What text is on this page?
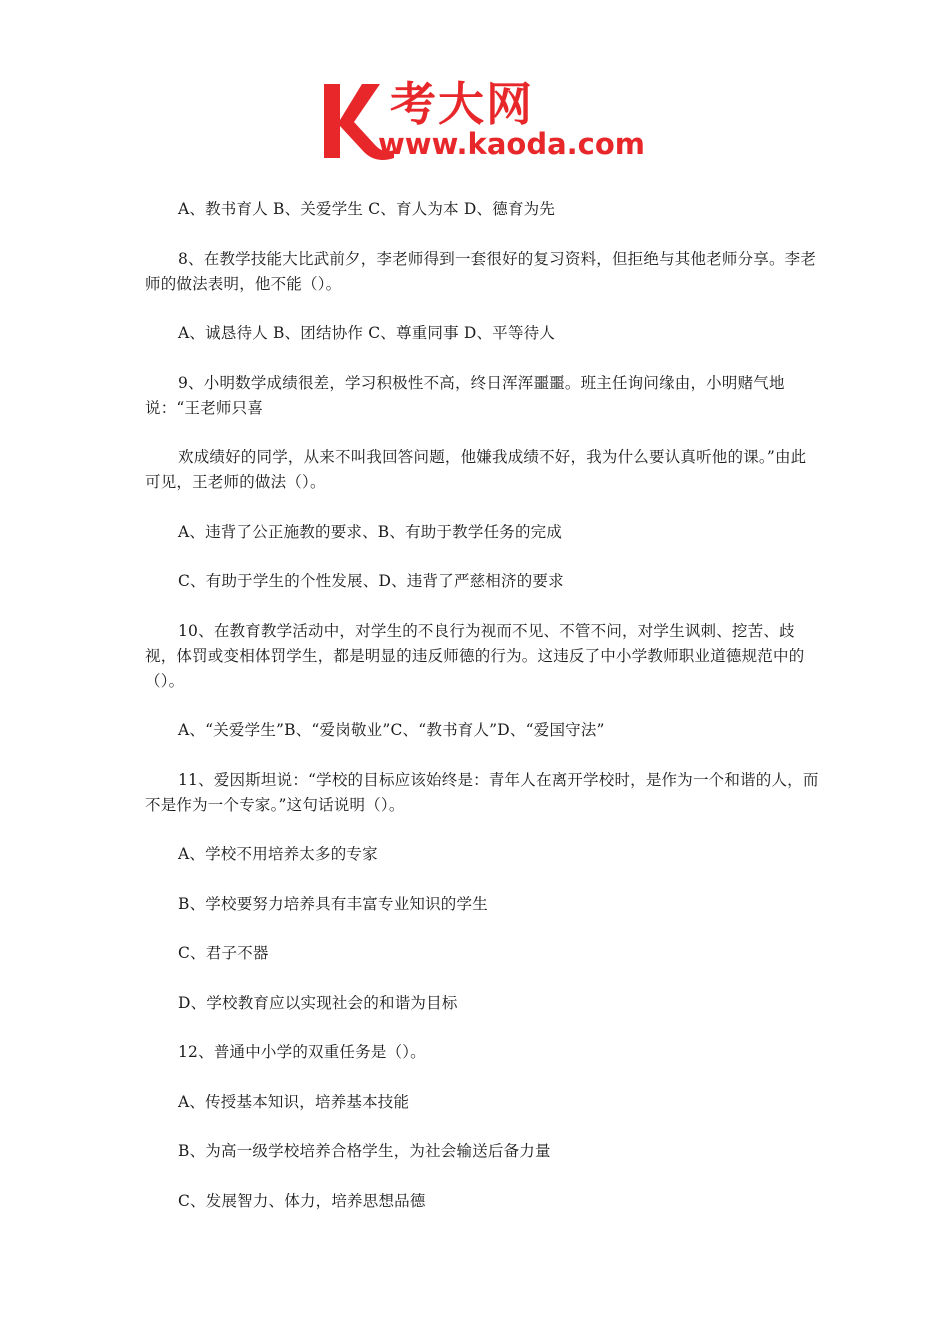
考大网
www.kaoda.com

A、教书育人 B、关爱学生 C、育人为本 D、德育为先

8、在教学技能大比武前夕，李老师得到一套很好的复习资料，但拒绝与其他老师分享。李老师的做法表明，他不能（）。

A、诚恳待人 B、团结协作 C、尊重同事 D、平等待人

9、小明数学成绩很差，学习积极性不高，终日浑浑噩噩。班主任询问缘由，小明赌气地说：“王老师只喜

欢成绩好的同学，从来不叫我回答问题，他嫌我成绩不好，我为什么要认真听他的课。”由此可见，王老师的做法（）。

A、违背了公正施教的要求、B、有助于教学任务的完成

C、有助于学生的个性发展、D、违背了严慈相济的要求

10、在教育教学活动中，对学生的不良行为视而不见、不管不问，对学生讽刺、挖苦、歧视，体罚或变相体罚学生，都是明显的违反师德的行为。这违反了中小学教师职业道德规范中的（）。

A、“关爱学生”B、“爱岗敬业”C、“教书育人”D、“爱国守法”

11、爱因斯坦说：“学校的目标应该始终是：青年人在离开学校时，是作为一个和谐的人，而不是作为一个专家。”这句话说明（）。

A、学校不用培养太多的专家

B、学校要努力培养具有丰富专业知识的学生

C、君子不器

D、学校教育应以实现社会的和谐为目标

12、普通中小学的双重任务是（）。

A、传授基本知识，培养基本技能

B、为高一级学校培养合格学生，为社会输送后备力量

C、发展智力、体力，培养思想品德
